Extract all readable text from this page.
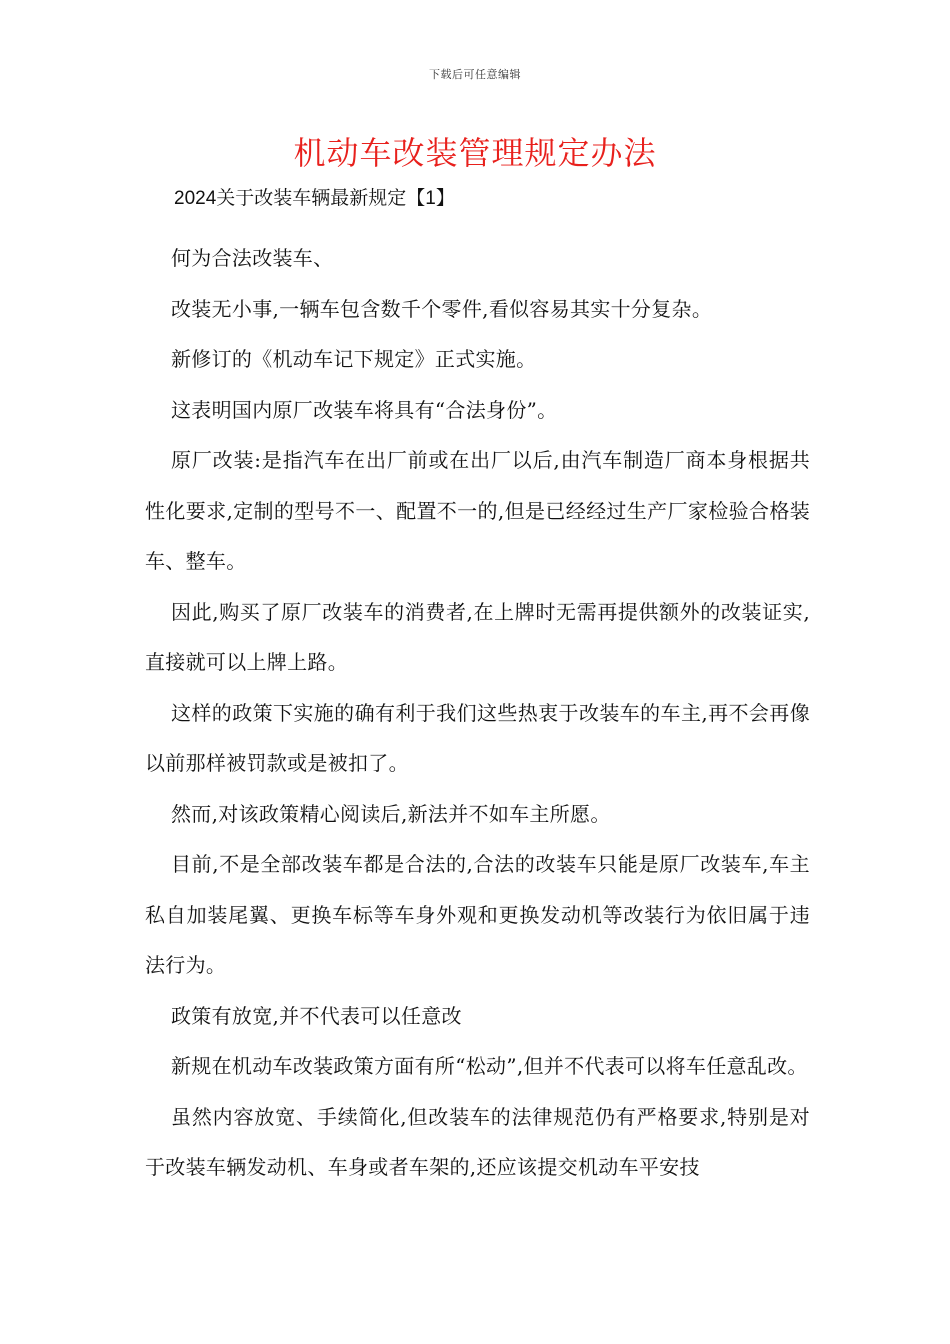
下载后可任意编辑
机动车改装管理规定办法
2024关于改装车辆最新规定【1】

何为合法改装车、

改装无小事,一辆车包含数千个零件,看似容易其实十分复杂。

新修订的《机动车记下规定》正式实施。

这表明国内原厂改装车将具有“合法身份”。

原厂改装:是指汽车在出厂前或在出厂以后,由汽车制造厂商本身根据共性化要求,定制的型号不一、配置不一的,但是已经经过生产厂家检验合格装车、整车。

因此,购买了原厂改装车的消费者,在上牌时无需再提供额外的改装证实,直接就可以上牌上路。

这样的政策下实施的确有利于我们这些热衷于改装车的车主,再不会再像以前那样被罚款或是被扣了。

然而,对该政策精心阅读后,新法并不如车主所愿。

目前,不是全部改装车都是合法的,合法的改装车只能是原厂改装车,车主私自加装尾翼、更换车标等车身外观和更换发动机等改装行为依旧属于违法行为。

政策有放宽,并不代表可以任意改

新规在机动车改装政策方面有所“松动”,但并不代表可以将车任意乱改。

虽然内容放宽、手续简化,但改装车的法律规范仍有严格要求,特别是对于改装车辆发动机、车身或者车架的,还应该提交机动车平安技
